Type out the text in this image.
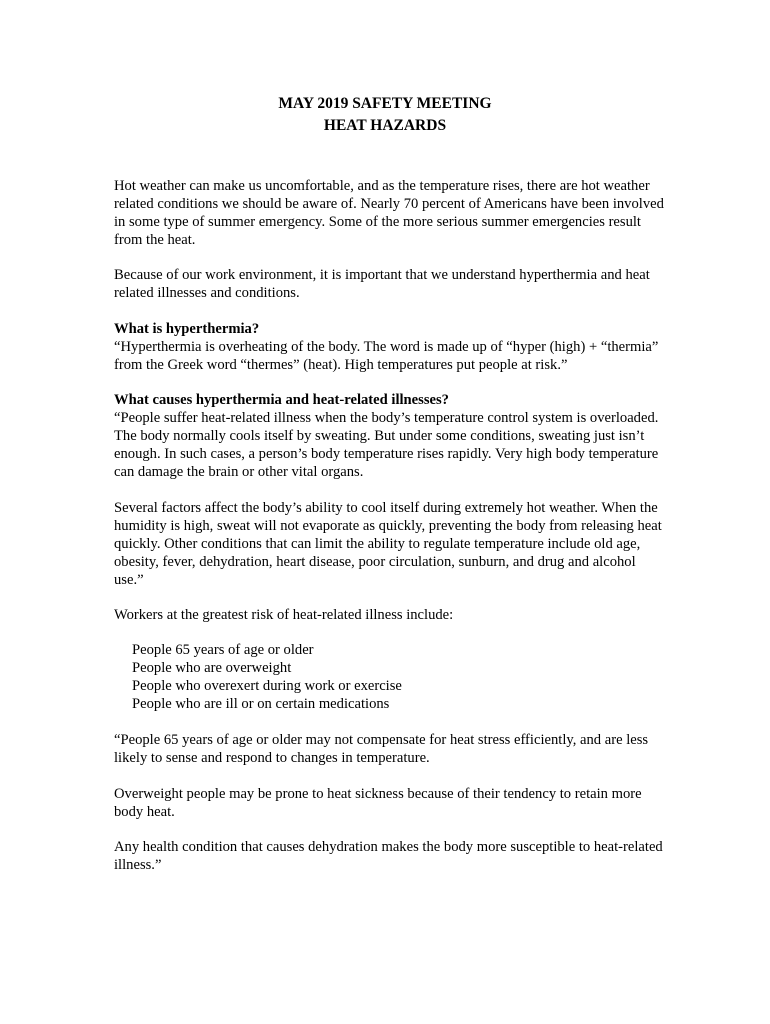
MAY 2019 SAFETY MEETING
HEAT HAZARDS

Hot weather can make us uncomfortable, and as the temperature rises, there are hot weather related conditions we should be aware of. Nearly 70 percent of Americans have been involved in some type of summer emergency. Some of the more serious summer emergencies result from the heat.

Because of our work environment, it is important that we understand hyperthermia and heat related illnesses and conditions.

What is hyperthermia?
“Hyperthermia is overheating of the body. The word is made up of “hyper (high) + “thermia” from the Greek word “thermes” (heat). High temperatures put people at risk.”
What causes hyperthermia and heat-related illnesses?
“People suffer heat-related illness when the body’s temperature control system is overloaded. The body normally cools itself by sweating. But under some conditions, sweating just isn’t enough. In such cases, a person’s body temperature rises rapidly. Very high body temperature can damage the brain or other vital organs.

Several factors affect the body’s ability to cool itself during extremely hot weather. When the humidity is high, sweat will not evaporate as quickly, preventing the body from releasing heat quickly. Other conditions that can limit the ability to regulate temperature include old age, obesity, fever, dehydration, heart disease, poor circulation, sunburn, and drug and alcohol use.”

Workers at the greatest risk of heat-related illness include:

People 65 years of age or older
People who are overweight
People who overexert during work or exercise
People who are ill or on certain medications

“People 65 years of age or older may not compensate for heat stress efficiently, and are less likely to sense and respond to changes in temperature.

Overweight people may be prone to heat sickness because of their tendency to retain more body heat.

Any health condition that causes dehydration makes the body more susceptible to heat-related illness.”
